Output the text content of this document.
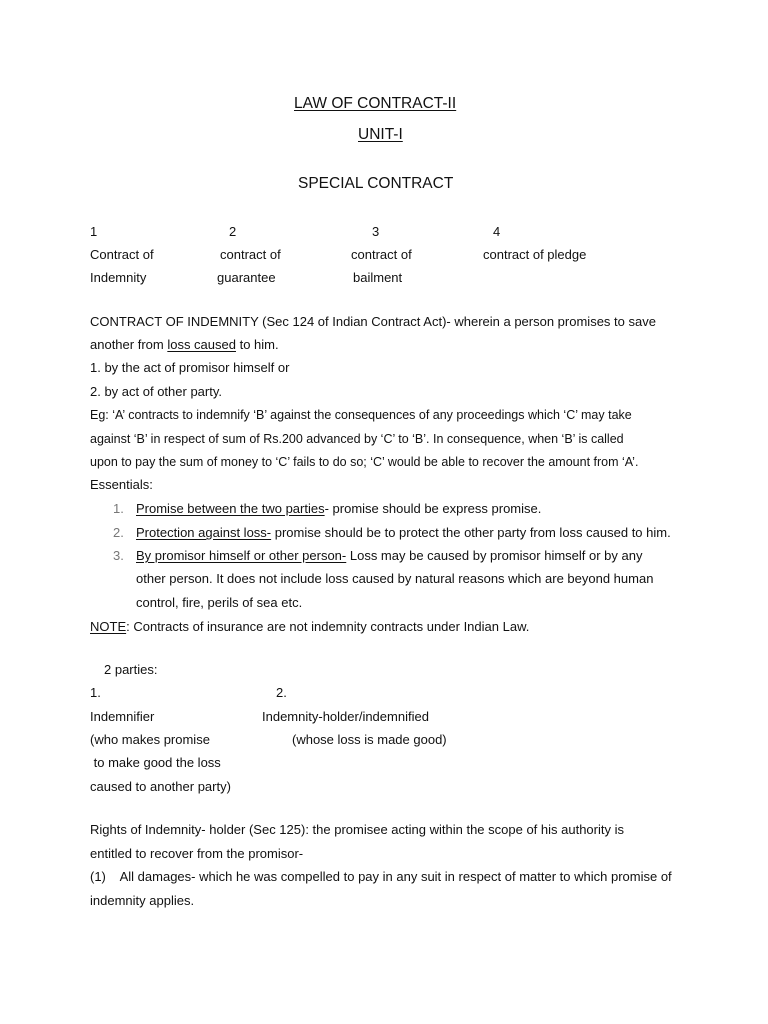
LAW OF CONTRACT-II
UNIT-I
SPECIAL CONTRACT
1	2	3	4
Contract of	contract of	contract of	contract of pledge
Indemnity	guarantee	bailment
CONTRACT OF INDEMNITY (Sec 124 of Indian Contract Act)- wherein a person promises to save
another from loss caused to him.
1. by the act of promisor himself or
2. by act of other party.
Eg: ‘A’ contracts to indemnify ‘B’ against the consequences of any proceedings which ‘C’ may take
against ‘B’ in respect of sum of Rs.200 advanced by ‘C’ to ‘B’. In consequence, when ‘B’ is called
upon to pay the sum of money to ‘C’ fails to do so; ‘C’ would be able to recover the amount from ‘A’.
Essentials:
1. Promise between the two parties- promise should be express promise.
2. Protection against loss- promise should be to protect the other party from loss caused to him.
3. By promisor himself or other person- Loss may be caused by promisor himself or by any
other person. It does not include loss caused by natural reasons which are beyond human
control, fire, perils of sea etc.
NOTE: Contracts of insurance are not indemnity contracts under Indian Law.
2 parties:
1.	2.
Indemnifier	Indemnity-holder/indemnified
(who makes promise	(whose loss is made good)
to make good the loss
caused to another party)
Rights of Indemnity- holder (Sec 125): the promisee acting within the scope of his authority is
entitled to recover from the promisor-
(1)    All damages- which he was compelled to pay in any suit in respect of matter to which promise of
indemnity applies.
